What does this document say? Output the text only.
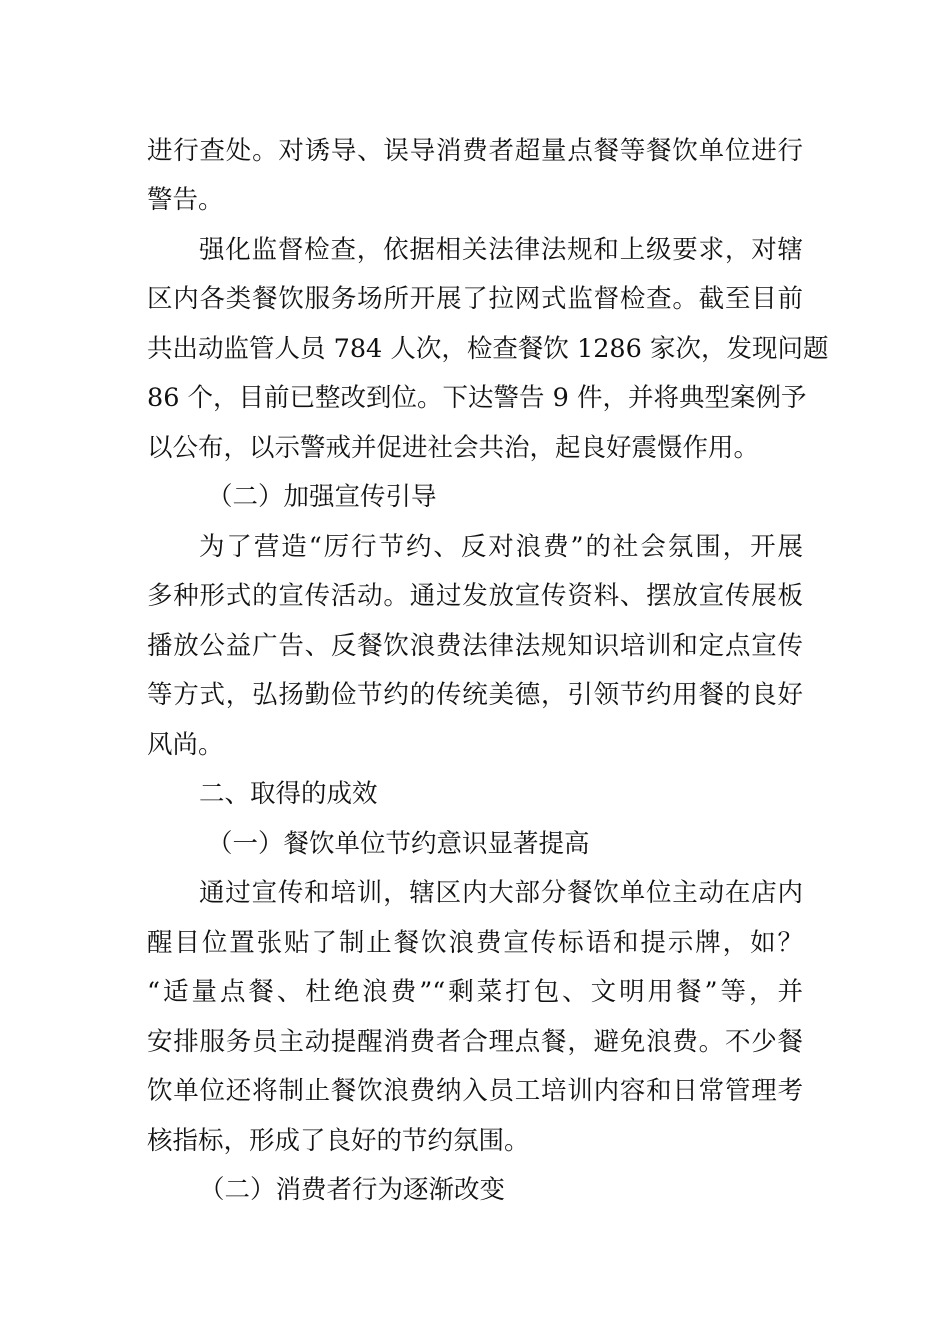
进行查处。对诱导、误导消费者超量点餐等餐饮单位进行
警告。
强化监督检查，依据相关法律法规和上级要求，对辖
区内各类餐饮服务场所开展了拉网式监督检查。截至目前
共出动监管人员 784 人次，检查餐饮 1286 家次，发现问题
86 个，目前已整改到位。下达警告 9 件，并将典型案例予
以公布，以示警戒并促进社会共治，起良好震慑作用。
（二）加强宣传引导
为了营造“厉行节约、反对浪费”的社会氛围，开展
多种形式的宣传活动。通过发放宣传资料、摆放宣传展板
播放公益广告、反餐饮浪费法律法规知识培训和定点宣传
等方式，弘扬勤俭节约的传统美德，引领节约用餐的良好
风尚。
二、取得的成效
（一）餐饮单位节约意识显著提高
通过宣传和培训，辖区内大部分餐饮单位主动在店内
醒目位置张贴了制止餐饮浪费宣传标语和提示牌，如？
“适量点餐、杜绝浪费”“剩菜打包、文明用餐”等，并
安排服务员主动提醒消费者合理点餐，避免浪费。不少餐
饮单位还将制止餐饮浪费纳入员工培训内容和日常管理考
核指标，形成了良好的节约氛围。
（二）消费者行为逐渐改变
